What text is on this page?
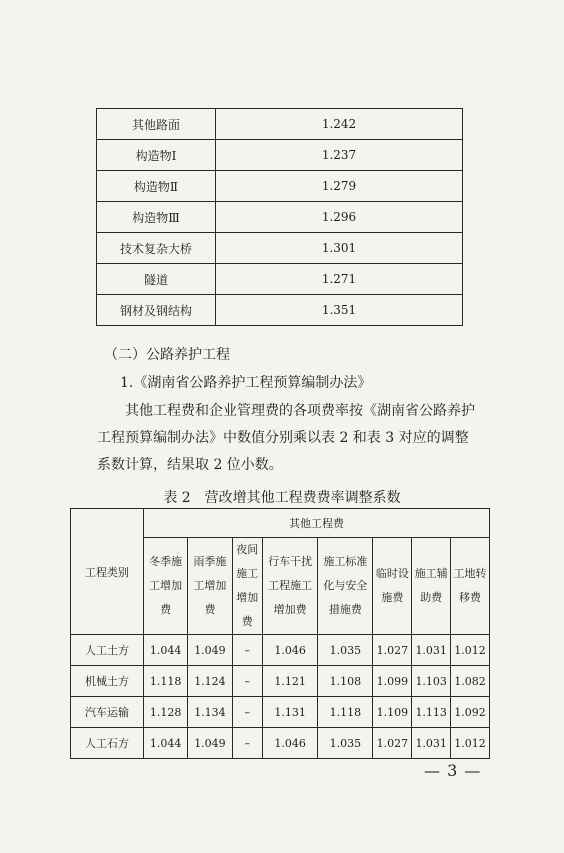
其他路面	1.242
构造物Ⅰ	1.237
构造物Ⅱ	1.279
构造物Ⅲ	1.296
技术复杂大桥	1.301
隧道	1.271
钢材及钢结构	1.351
（二）公路养护工程
1.《湖南省公路养护工程预算编制办法》
其他工程费和企业管理费的各项费率按《湖南省公路养护工程预算编制办法》中数值分别乘以表 2 和表 3 对应的调整系数计算，结果取 2 位小数。
表 2　营改增其他工程费费率调整系数
工程类别	其他工程费							
	冬季施工增加费	雨季施工增加费	夜间施工增加费	行车干扰工程施工增加费	施工标准化与安全措施费	临时设施费	施工辅助费	工地转移费
人工土方	1.044	1.049	–	1.046	1.035	1.027	1.031	1.012
机械土方	1.118	1.124	–	1.121	1.108	1.099	1.103	1.082
汽车运输	1.128	1.134	–	1.131	1.118	1.109	1.113	1.092
人工石方	1.044	1.049	–	1.046	1.035	1.027	1.031	1.012
— 3 —
